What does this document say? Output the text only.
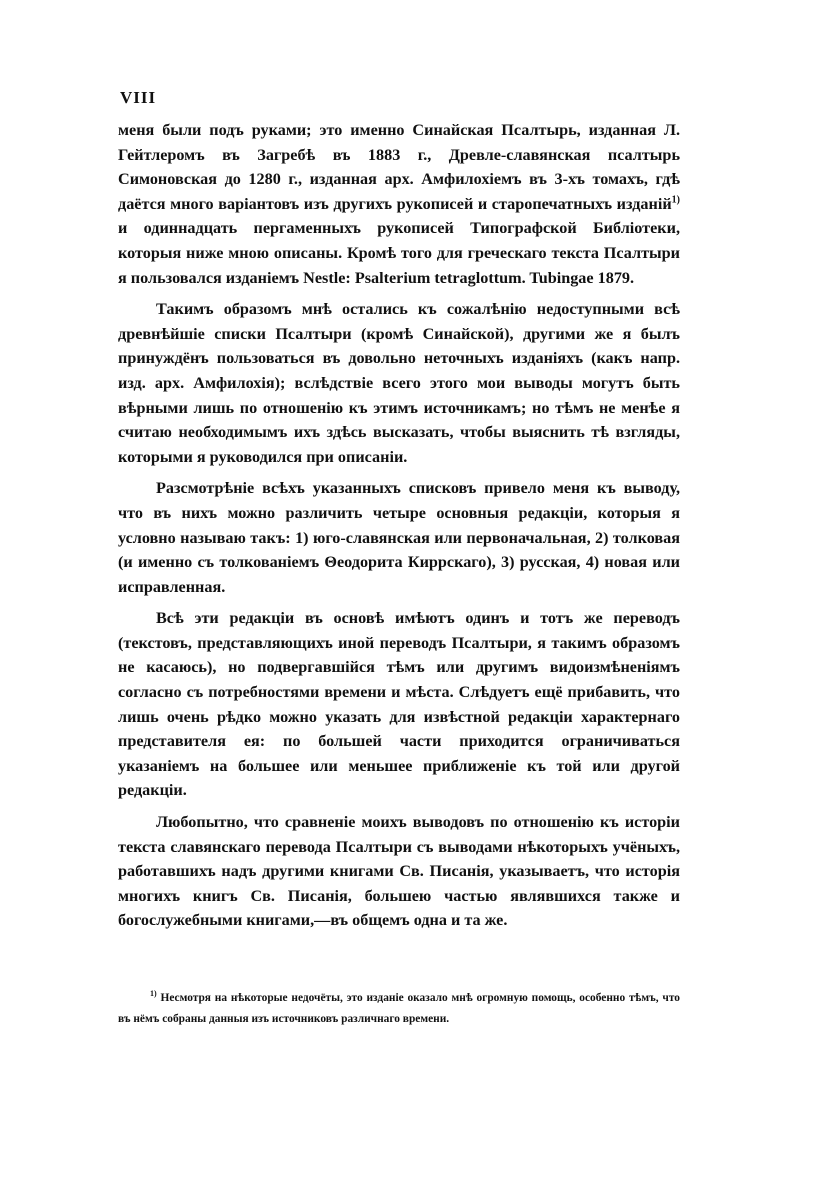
VIII

меня были подъ руками; это именно Синайская Псалтырь, изданная Л. Гейтлеромъ въ Загребѣ въ 1883 г., Древле-славянская псалтырь Симоновская до 1280 г., изданная арх. Амфилохіемъ въ 3-хъ томахъ, гдѣ даётся много варіантовъ изъ другихъ рукописей и старопечатныхъ изданій$^{1)}$ и одиннадцать пергаменныхъ рукописей Типографской Библіотеки, которыя ниже мною описаны. Кромѣ того для греческаго текста Псалтыри я пользовался изданіемъ Nestle: Psalterium tetraglottum. Tubingae 1879.

Такимъ образомъ мнѣ остались къ сожалѣнію недоступными всѣ древнѣйшіе списки Псалтыри (кромѣ Синайской), другими же я былъ принуждёнъ пользоваться въ довольно неточныхъ изданіяхъ (какъ напр. изд. арх. Амфилохія); вслѣдствіе всего этого мои выводы могутъ быть вѣрными лишь по отношенію къ этимъ источникамъ; но тѣмъ не менѣе я считаю необходимымъ ихъ здѣсь высказать, чтобы выяснить тѣ взгляды, которыми я руководился при описаніи.

Разсмотрѣніе всѣхъ указанныхъ списковъ привело меня къ выводу, что въ нихъ можно различить четыре основныя редакціи, которыя я условно называю такъ: 1) юго-славянская или первоначальная, 2) толковая (и именно съ толкованіемъ Θеодорита Киррскаго), 3) русская, 4) новая или исправленная.

Всѣ эти редакціи въ основѣ имѣютъ одинъ и тотъ же переводъ (текстовъ, представляющихъ иной переводъ Псалтыри, я такимъ образомъ не касаюсь), но подвергавшійся тѣмъ или другимъ видоизмѣненіямъ согласно съ потребностями времени и мѣста. Слѣдуетъ ещё прибавить, что лишь очень рѣдко можно указать для извѣстной редакціи характернаго представителя ея: по большей части приходится ограничиваться указаніемъ на большее или меньшее приближеніе къ той или другой редакціи.

Любопытно, что сравненіе моихъ выводовъ по отношенію къ исторіи текста славянскаго перевода Псалтыри съ выводами нѣкоторыхъ учёныхъ, работавшихъ надъ другими книгами Св. Писанія, указываетъ, что исторія многихъ книгъ Св. Писанія, большею частью являвшихся также и богослужебными книгами,—въ общемъ одна и та же.

$^{1)}$ Несмотря на нѣкоторые недочёты, это изданіе оказало мнѣ огромную помощь, особенно тѣмъ, что въ нёмъ собраны данныя изъ источниковъ различнаго времени.
